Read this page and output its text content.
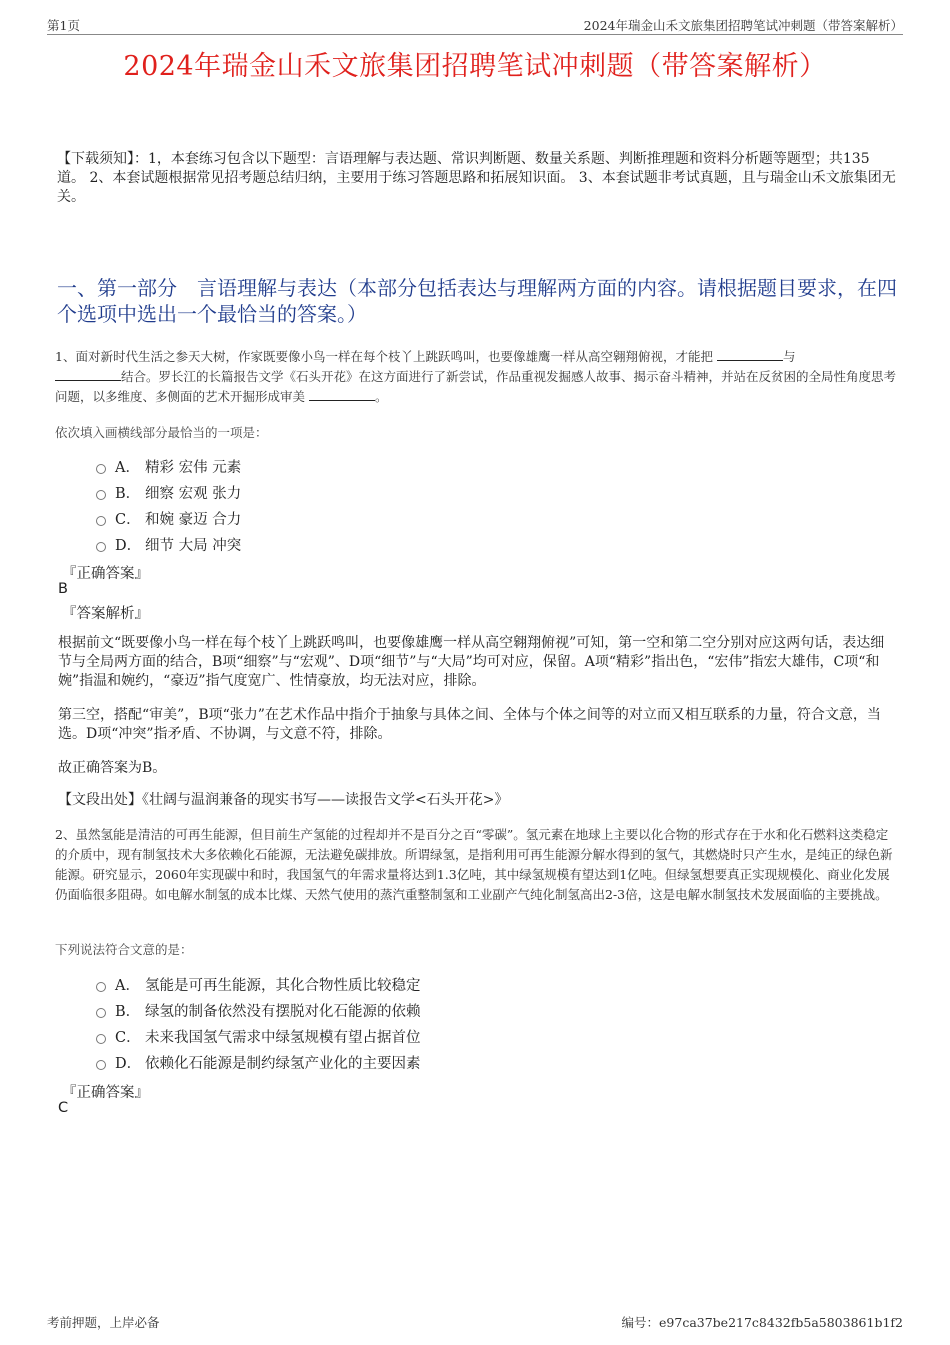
第1页	2024年瑞金山禾文旅集团招聘笔试冲刺题（带答案解析）
2024年瑞金山禾文旅集团招聘笔试冲刺题（带答案解析）
【下载须知】：1，本套练习包含以下题型：言语理解与表达题、常识判断题、数量关系题、判断推理题和资料分析题等题型；共135道。 2、本套试题根据常见招考题总结归纳，主要用于练习答题思路和拓展知识面。 3、本套试题非考试真题，且与瑞金山禾文旅集团无关。
一、第一部分　言语理解与表达（本部分包括表达与理解两方面的内容。请根据题目要求，在四个选项中选出一个最恰当的答案。）
1、面对新时代生活之参天大树，作家既要像小鸟一样在每个枝丫上跳跃鸣叫，也要像雄鹰一样从高空翱翔俯视，才能把	与
结合。罗长江的长篇报告文学《石头开花》在这方面进行了新尝试，作品重视发掘感人故事、揭示奋斗精神，并站在反贫困的全局性角度思考问题，以多维度、多侧面的艺术开掘形成审美	。
依次填入画横线部分最恰当的一项是：
A． 精彩 宏伟 元素
B． 细察 宏观 张力
C． 和婉 豪迈 合力
D． 细节 大局 冲突
『正确答案』
B
『答案解析』
根据前文“既要像小鸟一样在每个枝丫上跳跃鸣叫，也要像雄鹰一样从高空翱翔俯视”可知，第一空和第二空分别对应这两句话，表达细节与全局两方面的结合，B项“细察”与“宏观”、D项“细节”与“大局”均可对应，保留。A项“精彩”指出色，“宏伟”指宏大雄伟，C项“和婉”指温和婉约，“豪迈”指气度宽广、性情豪放，均无法对应，排除。
第三空，搭配“审美”，B项“张力”在艺术作品中指介于抽象与具体之间、全体与个体之间等的对立而又相互联系的力量，符合文意，当选。D项“冲突”指矛盾、不协调，与文意不符，排除。
故正确答案为B。
【文段出处】《壮阔与温润兼备的现实书写——读报告文学<石头开花>》
2、虽然氢能是清洁的可再生能源，但目前生产氢能的过程却并不是百分之百“零碳”。氢元素在地球上主要以化合物的形式存在于水和化石燃料这类稳定的介质中，现有制氢技术大多依赖化石能源，无法避免碳排放。所谓绿氢，是指利用可再生能源分解水得到的氢气，其燃烧时只产生水，是纯正的绿色新能源。研究显示，2060年实现碳中和时，我国氢气的年需求量将达到1.3亿吨，其中绿氢规模有望达到1亿吨。但绿氢想要真正实现规模化、商业化发展仍面临很多阻碍。如电解水制氢的成本比煤、天然气使用的蒸汽重整制氢和工业副产气纯化制氢高出2-3倍，这是电解水制氢技术发展面临的主要挑战。
下列说法符合文意的是：
A． 氢能是可再生能源，其化合物性质比较稳定
B． 绿氢的制备依然没有摆脱对化石能源的依赖
C． 未来我国氢气需求中绿氢规模有望占据首位
D． 依赖化石能源是制约绿氢产业化的主要因素
『正确答案』
C
考前押题，上岸必备	编号：e97ca37be217c8432fb5a5803861b1f2
